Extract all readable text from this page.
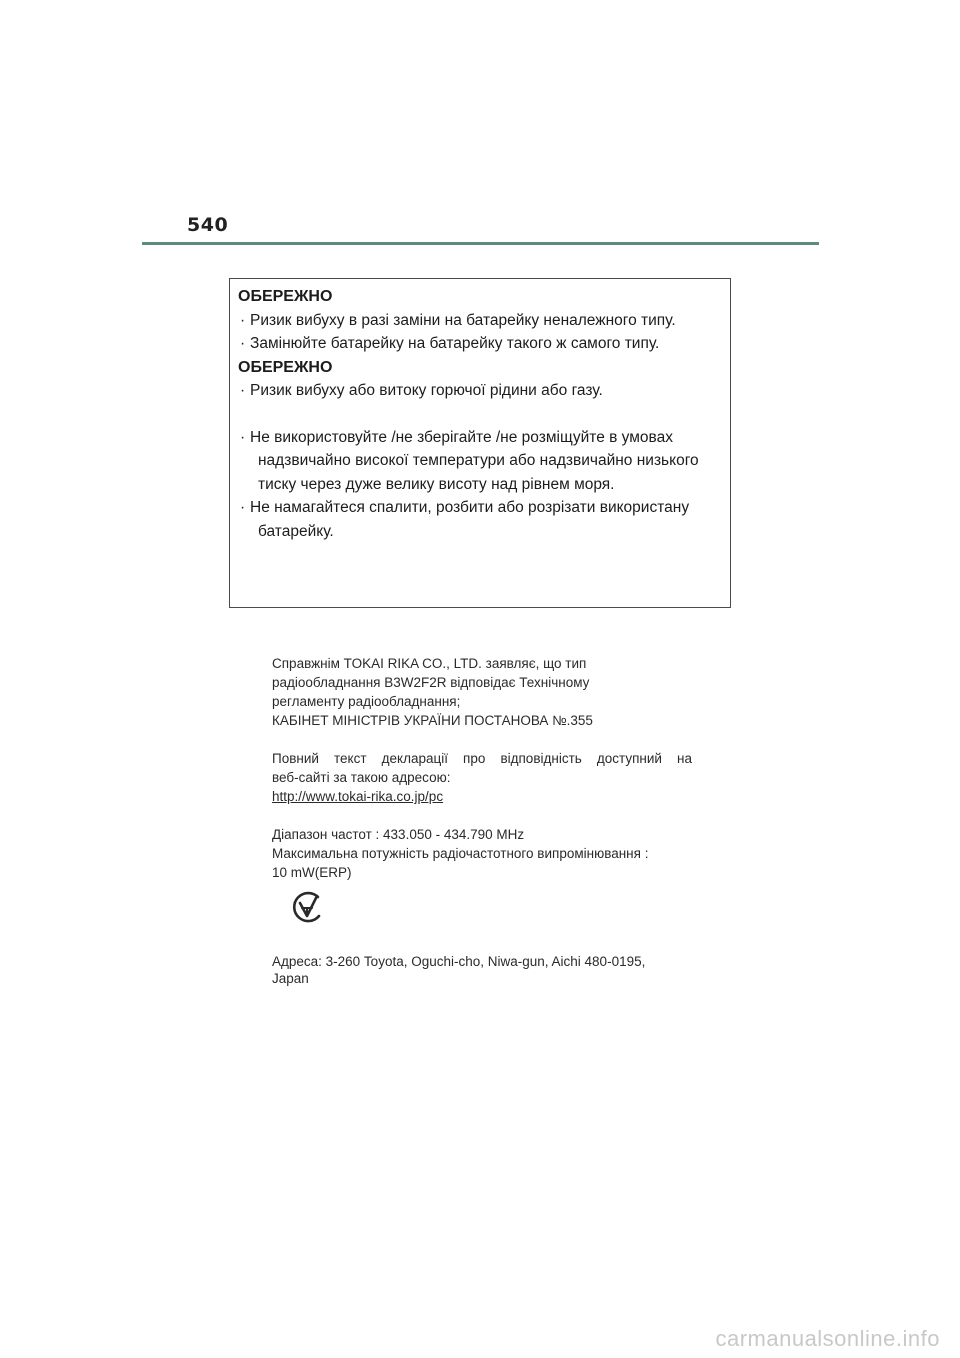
540

ОБЕРЕЖНО

· Ризик вибуху в разі заміни на батарейку неналежного типу.

· Замінюйте батарейку на батарейку такого ж самого типу.

ОБЕРЕЖНО

· Ризик вибуху або витоку горючої рідини або газу.

· Не використовуйте /не зберігайте /не розміщуйте в умовах

надзвичайно високої температури або надзвичайно низького

тиску через дуже велику висоту над рівнем моря.

· Не намагайтеся спалити, розбити або розрізати використану

батарейку.

Справжнім TOKAI RIKA CO., LTD. заявляє, що тип

радіообладнання B3W2F2R відповідає Технічному

регламенту радіообладнання;

КАБІНЕТ МІНІСТРІВ УКРАЇНИ ПОСТАНОВА №.355

Повний текст декларації про відповідність доступний на

веб-сайті за такою адресою:

http://www.tokai-rika.co.jp/pc

Діапазон частот : 433.050 - 434.790 MHz

Максимальна потужність радіочастотного випромінювання :

10 mW(ERP)

Адреса: 3-260 Toyota, Oguchi-cho, Niwa-gun, Aichi 480-0195,

Japan

carmanualsonline.info
